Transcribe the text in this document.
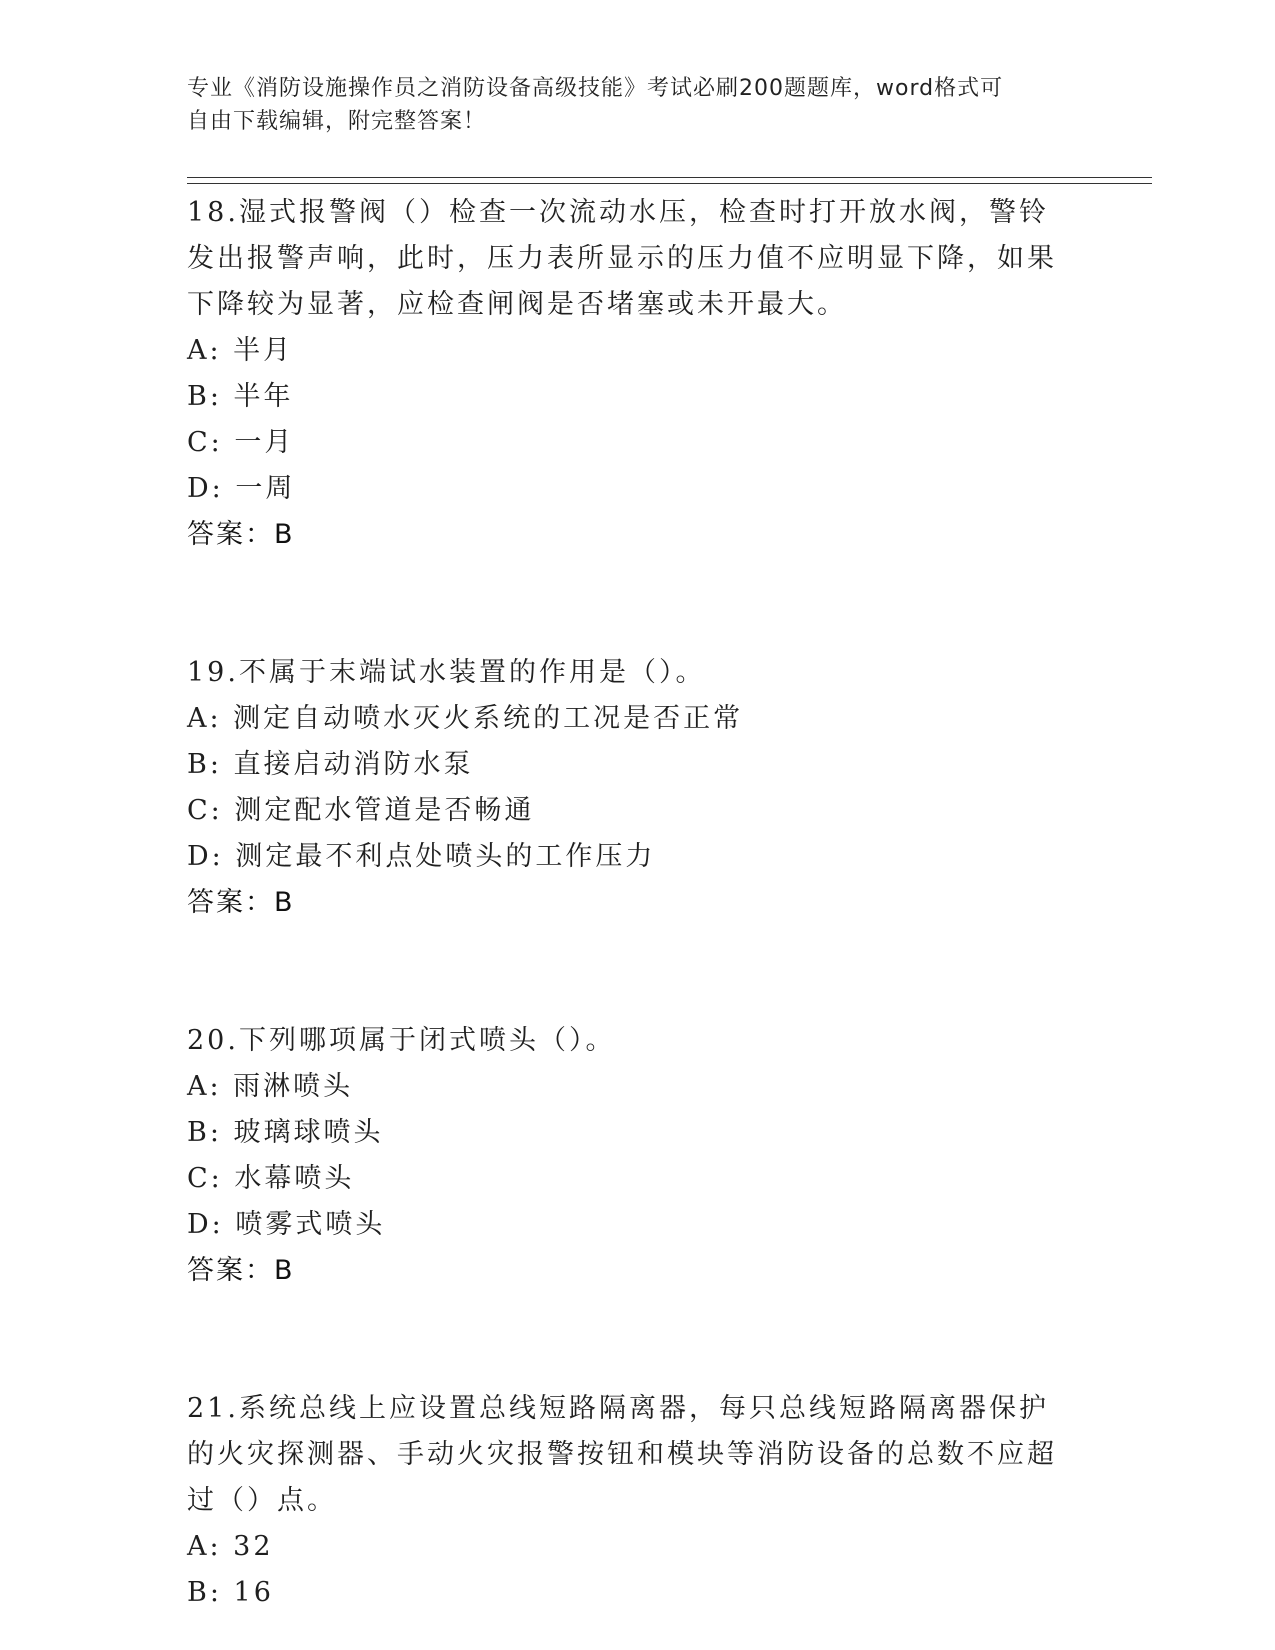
专业《消防设施操作员之消防设备高级技能》考试必刷200题题库，word格式可
自由下载编辑，附完整答案！

18.湿式报警阀（）检查一次流动水压，检查时打开放水阀，警铃发出报警声响，此时，压力表所显示的压力值不应明显下降，如果下降较为显著，应检查闸阀是否堵塞或未开最大。

A: 半月

B: 半年

C: 一月

D: 一周

答案：B

19.不属于末端试水装置的作用是（）。

A: 测定自动喷水灭火系统的工况是否正常

B: 直接启动消防水泵

C: 测定配水管道是否畅通

D: 测定最不利点处喷头的工作压力

答案：B

20.下列哪项属于闭式喷头（）。

A: 雨淋喷头

B: 玻璃球喷头

C: 水幕喷头

D: 喷雾式喷头

答案：B

21.系统总线上应设置总线短路隔离器，每只总线短路隔离器保护的火灾探测器、手动火灾报警按钮和模块等消防设备的总数不应超过（）点。

A: 32

B: 16
